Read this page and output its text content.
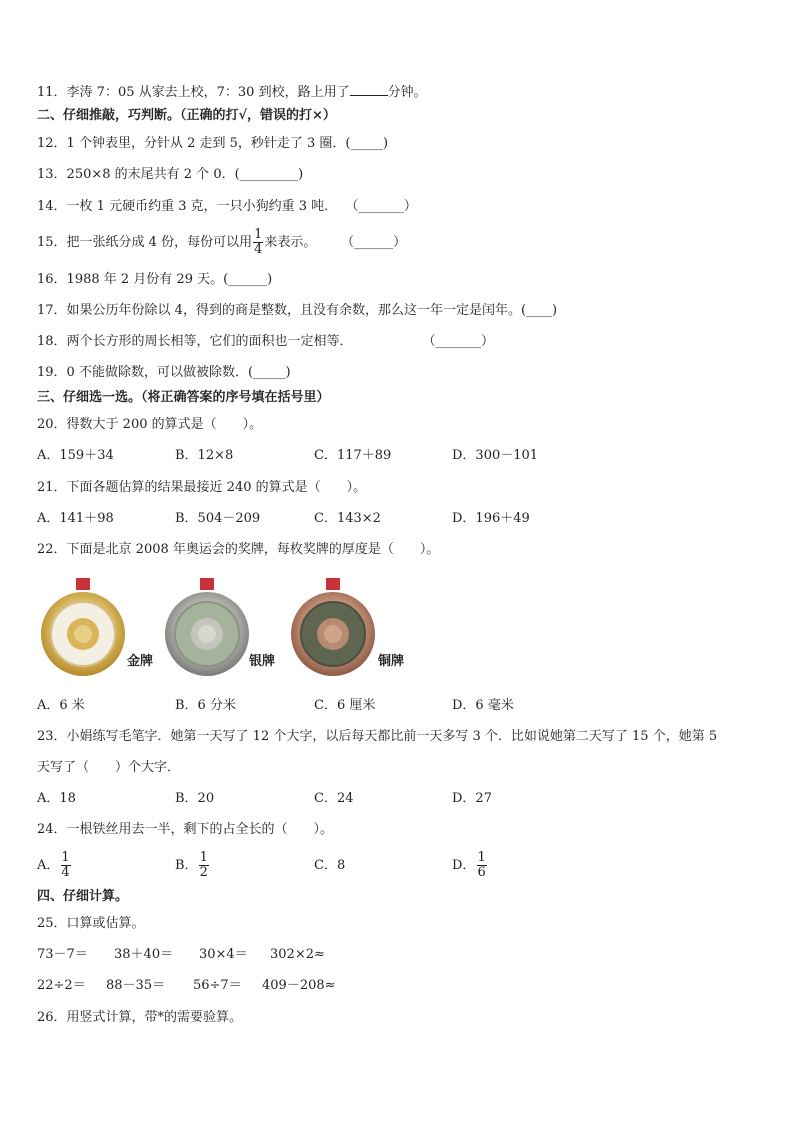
11．李涛 7：05 从家去上校，7：30 到校，路上用了	分钟。
二、仔细推敲，巧判断。（正确的打√，错误的打×）
12．1 个钟表里，分针从 2 走到 5，秒针走了 3 圈．(_____)
13．250×8 的末尾共有 2 个 0．(_________)
14．一枚 1 元硬币约重 3 克，一只小狗约重 3 吨． （_______）
15．把一张纸分成 4 份，每份可以用 $\frac{1}{4}$ 来表示。 （______）
16．1988 年 2 月份有 29 天。(______)
17．如果公历年份除以 4，得到的商是整数，且没有余数，那么这一年一定是闰年。(____)
18．两个长方形的周长相等，它们的面积也一定相等．	（_______）
19．0 不能做除数，可以做被除数．(_____)
三、仔细选一选。（将正确答案的序号填在括号里）
20．得数大于 200 的算式是（　　）。
A．159＋34	B．12×8	C．117＋89	D．300－101
21．下面各题估算的结果最接近 240 的算式是（　　）。
A．141＋98	B．504－209	C．143×2	D．196＋49
22．下面是北京 2008 年奥运会的奖牌，每枚奖牌的厚度是（　　）。
金牌	银牌	铜牌
A．6 米	B．6 分米	C．6 厘米	D．6 毫米
23．小娟练写毛笔字．她第一天写了 12 个大字，以后每天都比前一天多写 3 个．比如说她第二天写了 15 个，她第 5
天写了（　　）个大字．
A．18	B．20	C．24	D．27
24．一根铁丝用去一半，剩下的占全长的（　　）。
A． $\frac{1}{4}$	B． $\frac{1}{2}$	C．8	D． $\frac{1}{6}$
四、仔细计算。
25．口算或估算。
73－7＝ 38＋40＝ 30×4＝ 302×2≈
22÷2＝ 88－35＝ 56÷7＝ 409－208≈
26．用竖式计算，带*的需要验算。
